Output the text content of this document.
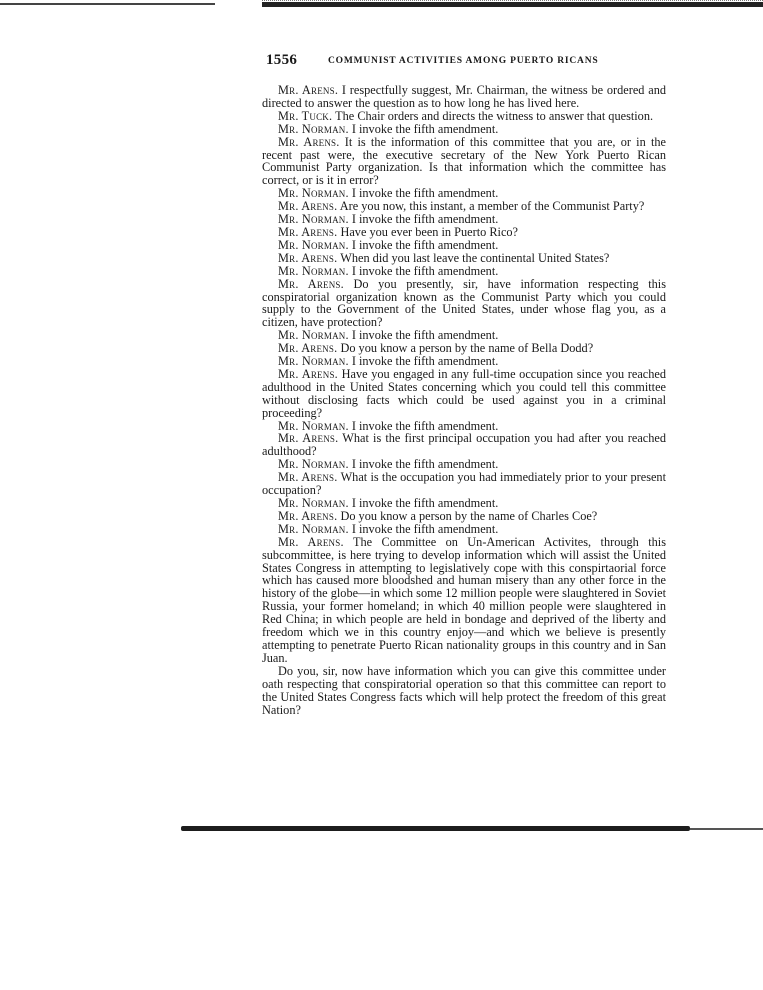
1556	COMMUNIST ACTIVITIES AMONG PUERTO RICANS

Mr. Arens. I respectfully suggest, Mr. Chairman, the witness be ordered and directed to answer the question as to how long he has lived here.

Mr. Tuck. The Chair orders and directs the witness to answer that question.

Mr. Norman. I invoke the fifth amendment.

Mr. Arens. It is the information of this committee that you are, or in the recent past were, the executive secretary of the New York Puerto Rican Communist Party organization. Is that information which the committee has correct, or is it in error?

Mr. Norman. I invoke the fifth amendment.

Mr. Arens. Are you now, this instant, a member of the Communist Party?

Mr. Norman. I invoke the fifth amendment.

Mr. Arens. Have you ever been in Puerto Rico?

Mr. Norman. I invoke the fifth amendment.

Mr. Arens. When did you last leave the continental United States?

Mr. Norman. I invoke the fifth amendment.

Mr. Arens. Do you presently, sir, have information respecting this conspiratorial organization known as the Communist Party which you could supply to the Government of the United States, under whose flag you, as a citizen, have protection?

Mr. Norman. I invoke the fifth amendment.

Mr. Arens. Do you know a person by the name of Bella Dodd?

Mr. Norman. I invoke the fifth amendment.

Mr. Arens. Have you engaged in any full-time occupation since you reached adulthood in the United States concerning which you could tell this committee without disclosing facts which could be used against you in a criminal proceeding?

Mr. Norman. I invoke the fifth amendment.

Mr. Arens. What is the first principal occupation you had after you reached adulthood?

Mr. Norman. I invoke the fifth amendment.

Mr. Arens. What is the occupation you had immediately prior to your present occupation?

Mr. Norman. I invoke the fifth amendment.

Mr. Arens. Do you know a person by the name of Charles Coe?

Mr. Norman. I invoke the fifth amendment.

Mr. Arens. The Committee on Un-American Activites, through this subcommittee, is here trying to develop information which will assist the United States Congress in attempting to legislatively cope with this conspirtaorial force which has caused more bloodshed and human misery than any other force in the history of the globe—in which some 12 million people were slaughtered in Soviet Russia, your former homeland; in which 40 million people were slaughtered in Red China; in which people are held in bondage and deprived of the liberty and freedom which we in this country enjoy—and which we believe is presently attempting to penetrate Puerto Rican nationality groups in this country and in San Juan.

Do you, sir, now have information which you can give this committee under oath respecting that conspiratorial operation so that this committee can report to the United States Congress facts which will help protect the freedom of this great Nation?
